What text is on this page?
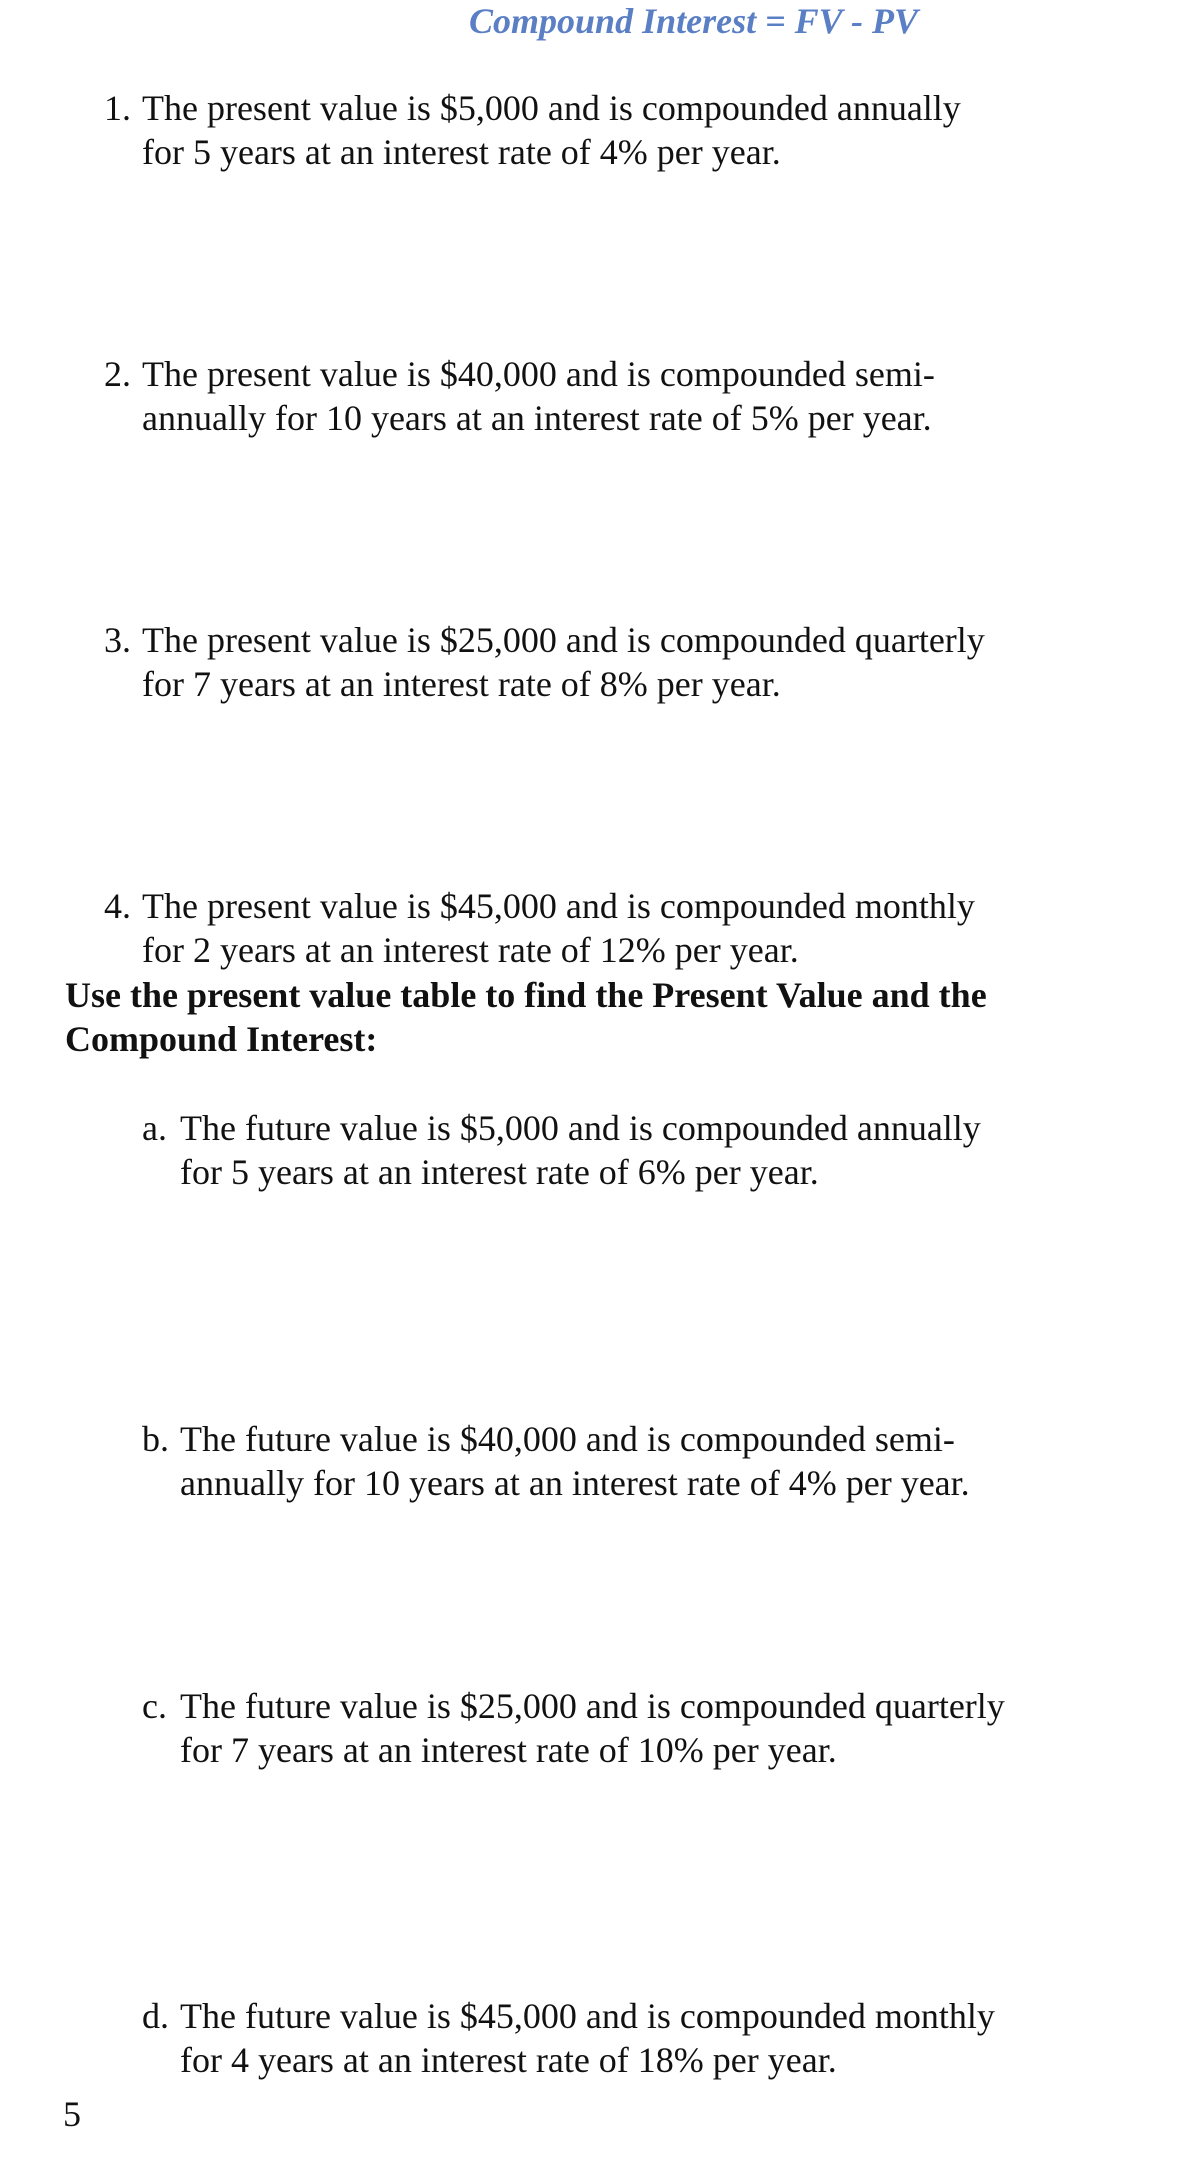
Compound Interest = FV - PV
1. The present value is $5,000 and is compounded annually
for 5 years at an interest rate of 4% per year.
2. The present value is $40,000 and is compounded semi-
annually for 10 years at an interest rate of 5% per year.
3. The present value is $25,000 and is compounded quarterly
for 7 years at an interest rate of 8% per year.
4. The present value is $45,000 and is compounded monthly
for 2 years at an interest rate of 12% per year.
Use the present value table to find the Present Value and the
Compound Interest:
a. The future value is $5,000 and is compounded annually
for 5 years at an interest rate of 6% per year.
b. The future value is $40,000 and is compounded semi-
annually for 10 years at an interest rate of 4% per year.
c. The future value is $25,000 and is compounded quarterly
for 7 years at an interest rate of 10% per year.
d. The future value is $45,000 and is compounded monthly
for 4 years at an interest rate of 18% per year.
5
